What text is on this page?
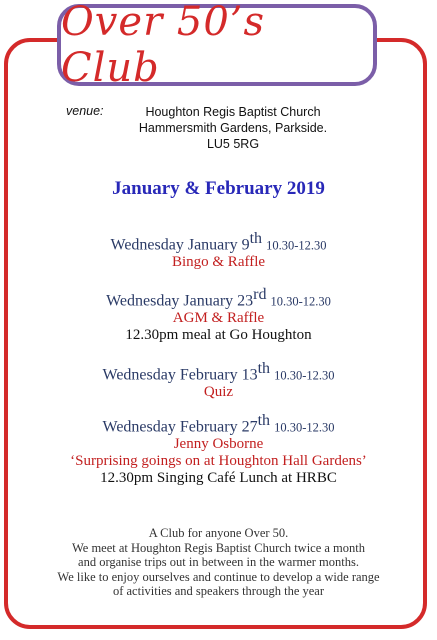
Over 50’s Club
venue:	Houghton Regis Baptist Church
Hammersmith Gardens, Parkside.
LU5 5RG
January & February 2019
Wednesday January 9th 10.30-12.30
Bingo & Raffle
Wednesday January 23rd 10.30-12.30
AGM & Raffle
12.30pm meal at Go Houghton
Wednesday February 13th 10.30-12.30
Quiz
Wednesday February 27th 10.30-12.30
Jenny Osborne
‘Surprising goings on at Houghton Hall Gardens’
12.30pm Singing Café Lunch at HRBC
A Club for anyone Over 50.
We meet at Houghton Regis Baptist Church twice a month
and organise trips out in between in the warmer months.
We like to enjoy ourselves and continue to develop a wide range
of activities and speakers through the year
